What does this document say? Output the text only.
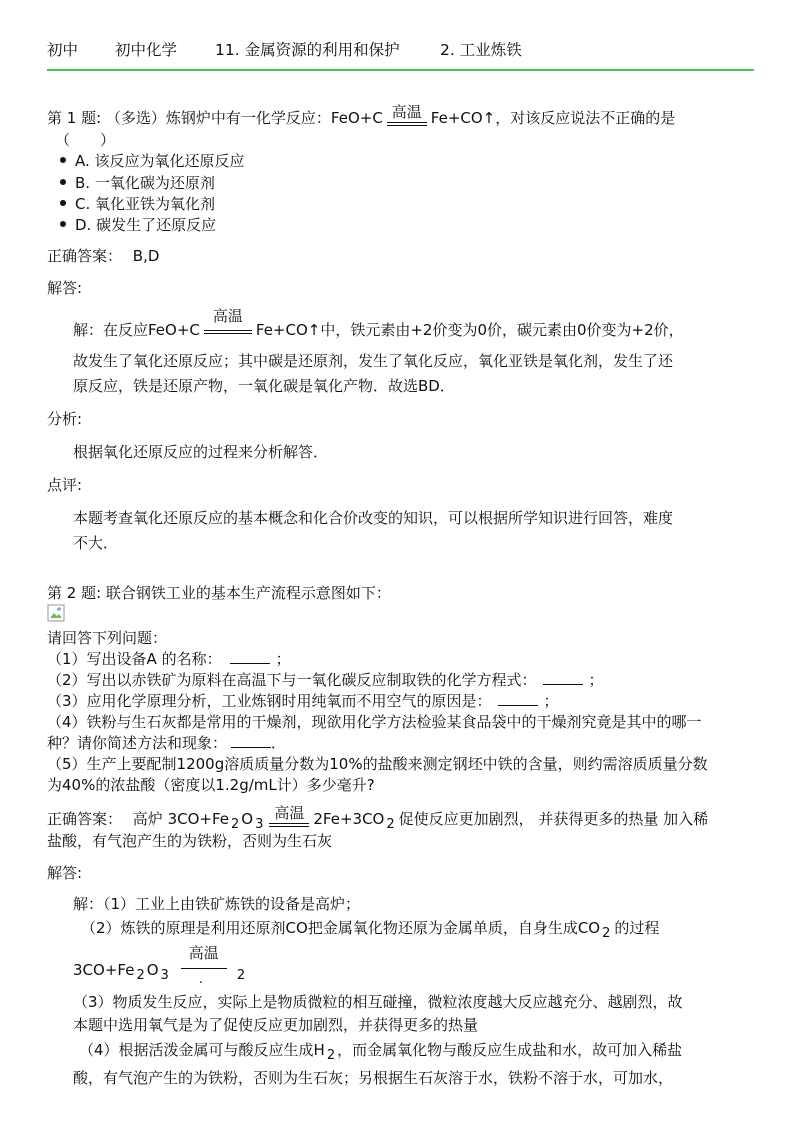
初中 初中化学 11. 金属资源的利用和保护	2. 工业炼铁
第 1 题: （多选）炼钢炉中有一化学反应：FeO+C 高温 Fe+CO↑，对该反应说法不正确的是
（　　）
A. 该反应为氧化还原反应
B. 一氧化碳为还原剂
C. 氧化亚铁为氧化剂
D. 碳发生了还原反应
正确答案： B,D
解答:
解：在反应FeO+C
高温
Fe+CO↑中，铁元素由+2价变为0价，碳元素由0价变为+2价，
故发生了氧化还原反应；其中碳是还原剂，发生了氧化反应，氧化亚铁是氧化剂，发生了还
原反应，铁是还原产物，一氧化碳是氧化产物．故选BD．
分析:
根据氧化还原反应的过程来分析解答．
点评:
本题考查氧化还原反应的基本概念和化合价改变的知识，可以根据所学知识进行回答，难度
不大．
第 2 题: 联合钢铁工业的基本生产流程示意图如下：
请回答下列问题：
（1）写出设备A 的名称：	；
（2）写出以赤铁矿为原料在高温下与一氧化碳反应制取铁的化学方程式：	；
（3）应用化学原理分析，工业炼钢时用纯氧而不用空气的原因是：	；
（4）铁粉与生石灰都是常用的干燥剂，现欲用化学方法检验某食品袋中的干燥剂究竟是其中的哪一
种？请你简述方法和现象：	．
（5）生产上要配制1200g溶质质量分数为10%的盐酸来测定钢坯中铁的含量，则约需溶质质量分数
为40%的浓盐酸（密度以1.2g/mL计）多少毫升?
正确答案： 高炉 3CO+Fe 2 O 3
高温 2Fe+3CO 2 促使反应更加剧烈， 并获得更多的热量 加入稀
盐酸，有气泡产生的为铁粉，否则为生石灰
解答:
解：（1）工业上由铁矿炼铁的设备是高炉；
（2）炼铁的原理是利用还原剂CO把金属氧化物还原为金属单质，自身生成CO 2 的过程
3CO+Fe 2 O 3
高温
.	2
（3）物质发生反应，实际上是物质微粒的相互碰撞，微粒浓度越大反应越充分、越剧烈，故
本题中选用氧气是为了促使反应更加剧烈，并获得更多的热量
（4）根据活泼金属可与酸反应生成H 2 ，而金属氧化物与酸反应生成盐和水，故可加入稀盐
酸，有气泡产生的为铁粉，否则为生石灰；另根据生石灰溶于水，铁粉不溶于水，可加水，
